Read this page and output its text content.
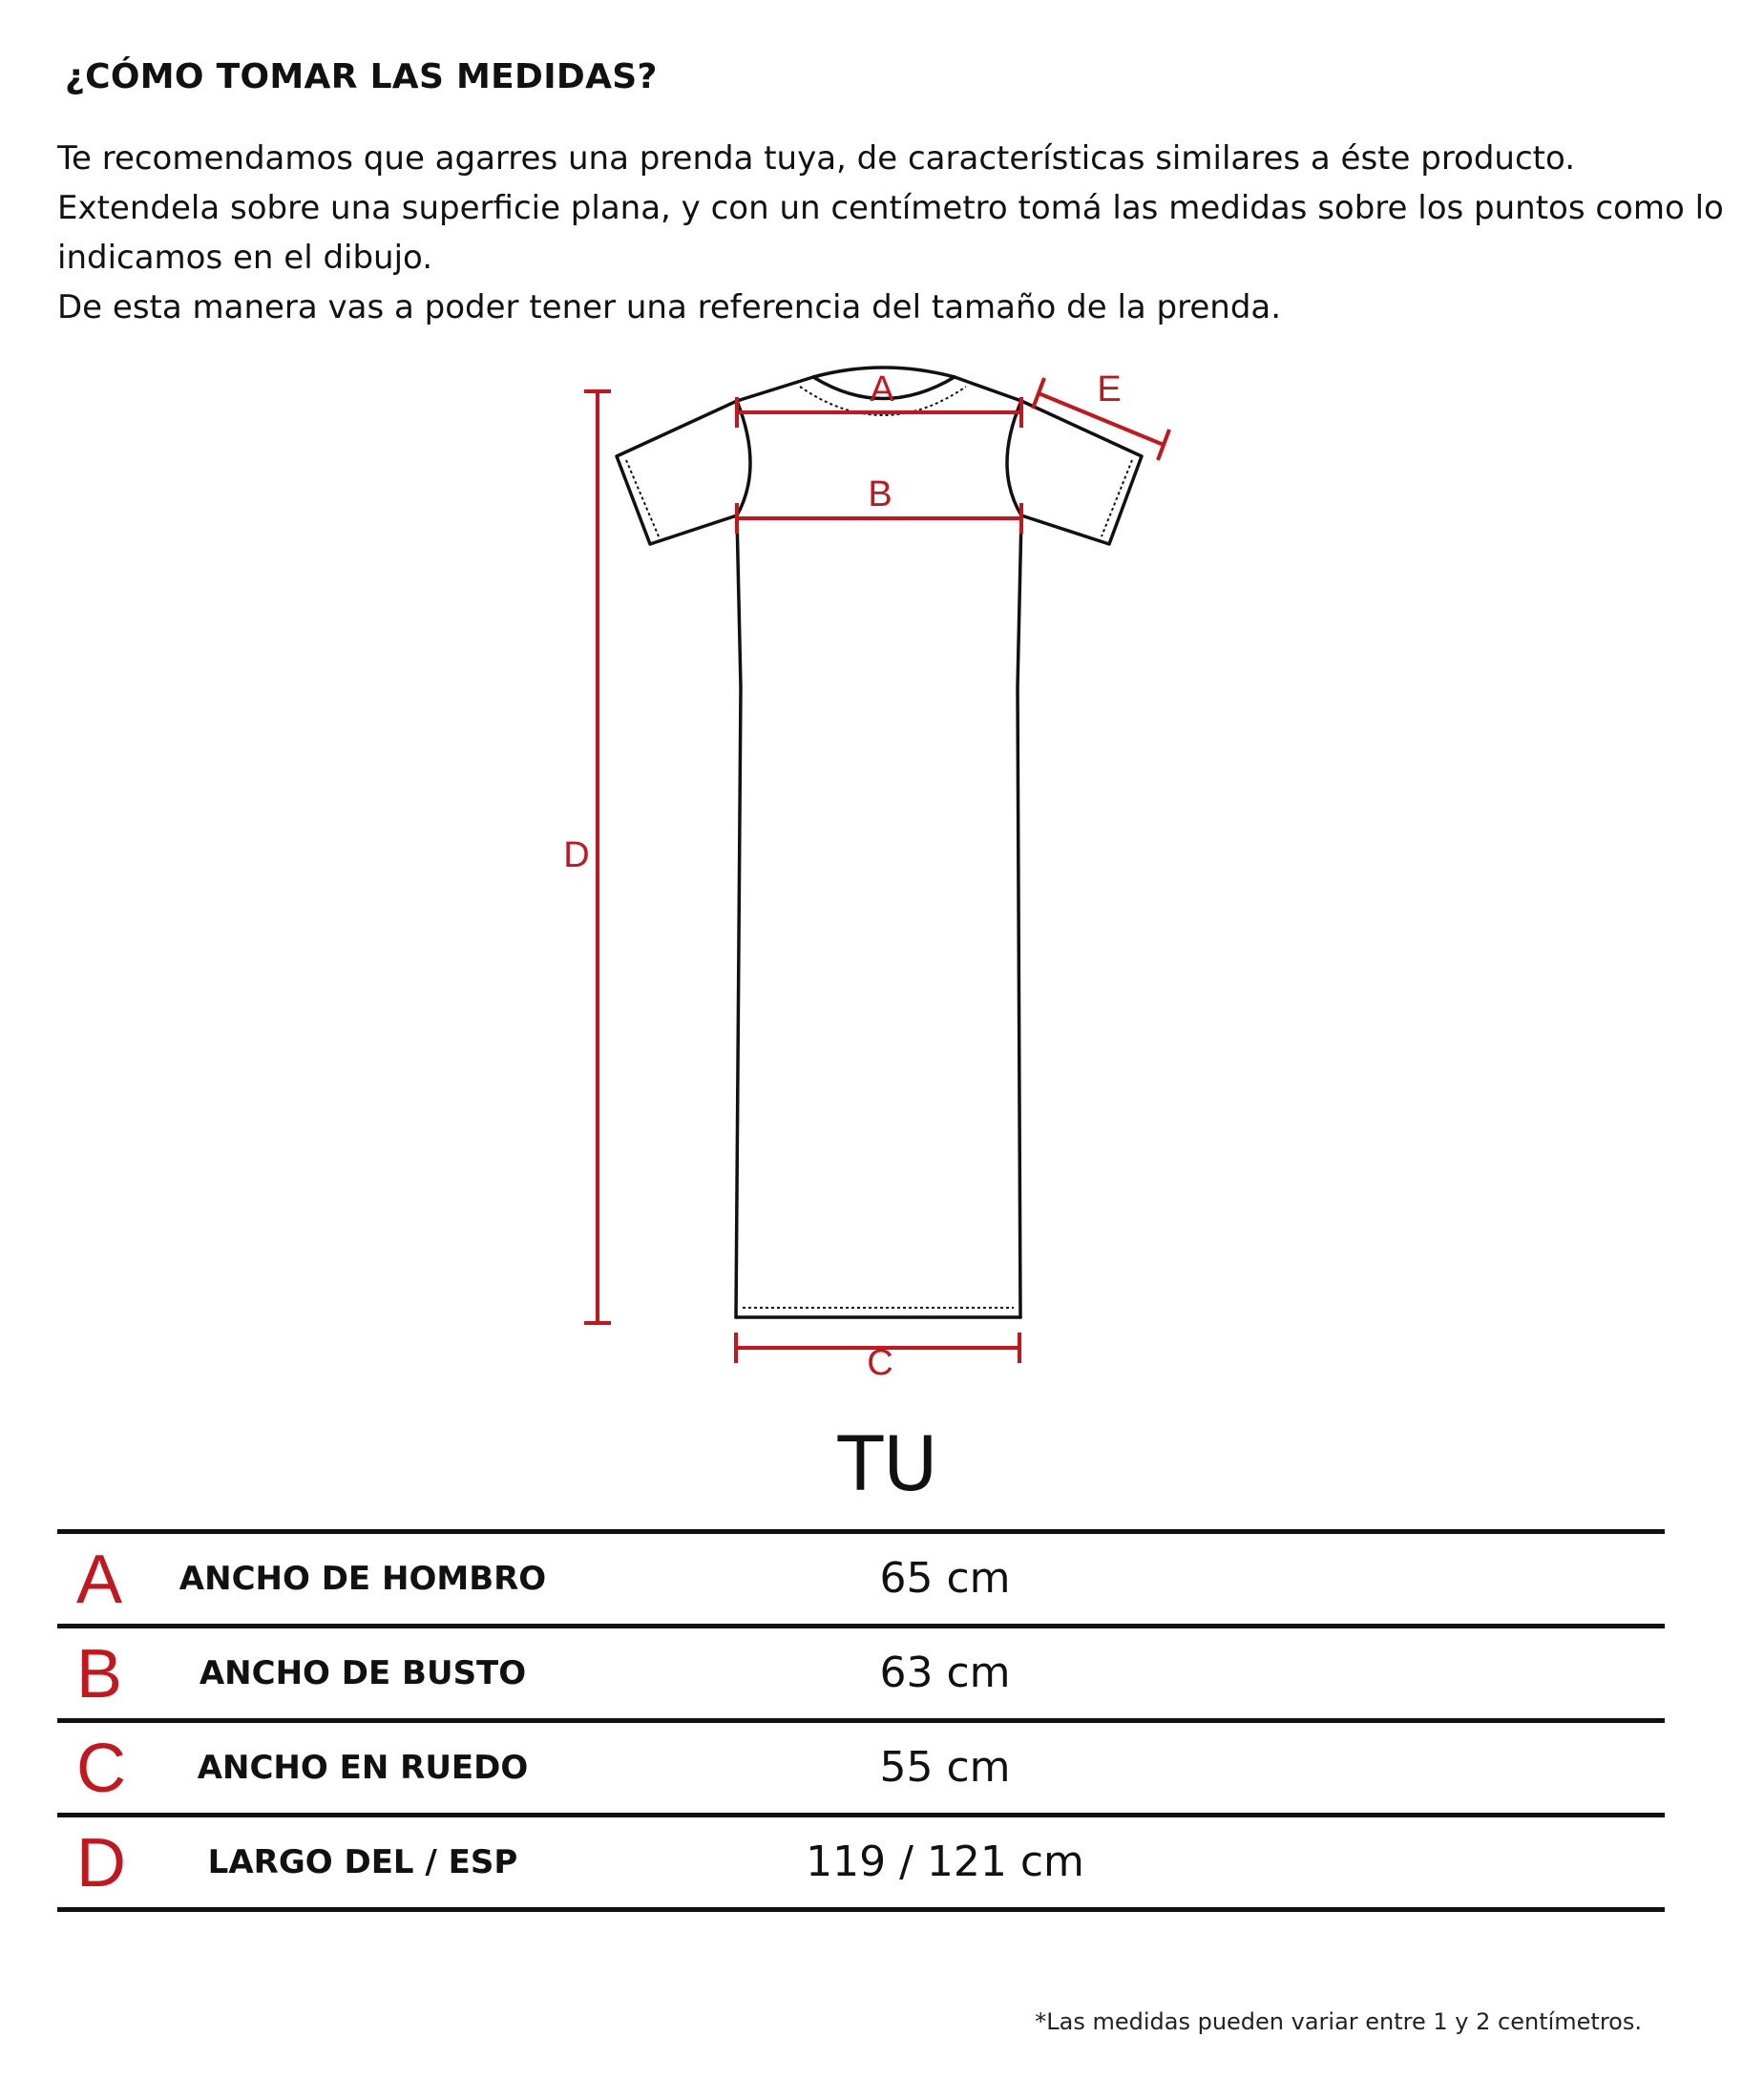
¿CÓMO TOMAR LAS MEDIDAS?

Te recomendamos que agarres una prenda tuya, de características similares a éste producto.

Extendela sobre una superficie plana, y con un centímetro tomá las medidas sobre los puntos como lo indicamos en el dibujo.

De esta manera vas a poder tener una referencia del tamaño de la prenda.

A
B
C
D
E
TU
A	ANCHO DE HOMBRO	65 cm
B	ANCHO DE BUSTO	63 cm
C	ANCHO EN RUEDO	55 cm
D	LARGO DEL / ESP	119 / 121 cm
*Las medidas pueden variar entre 1 y 2 centímetros.
